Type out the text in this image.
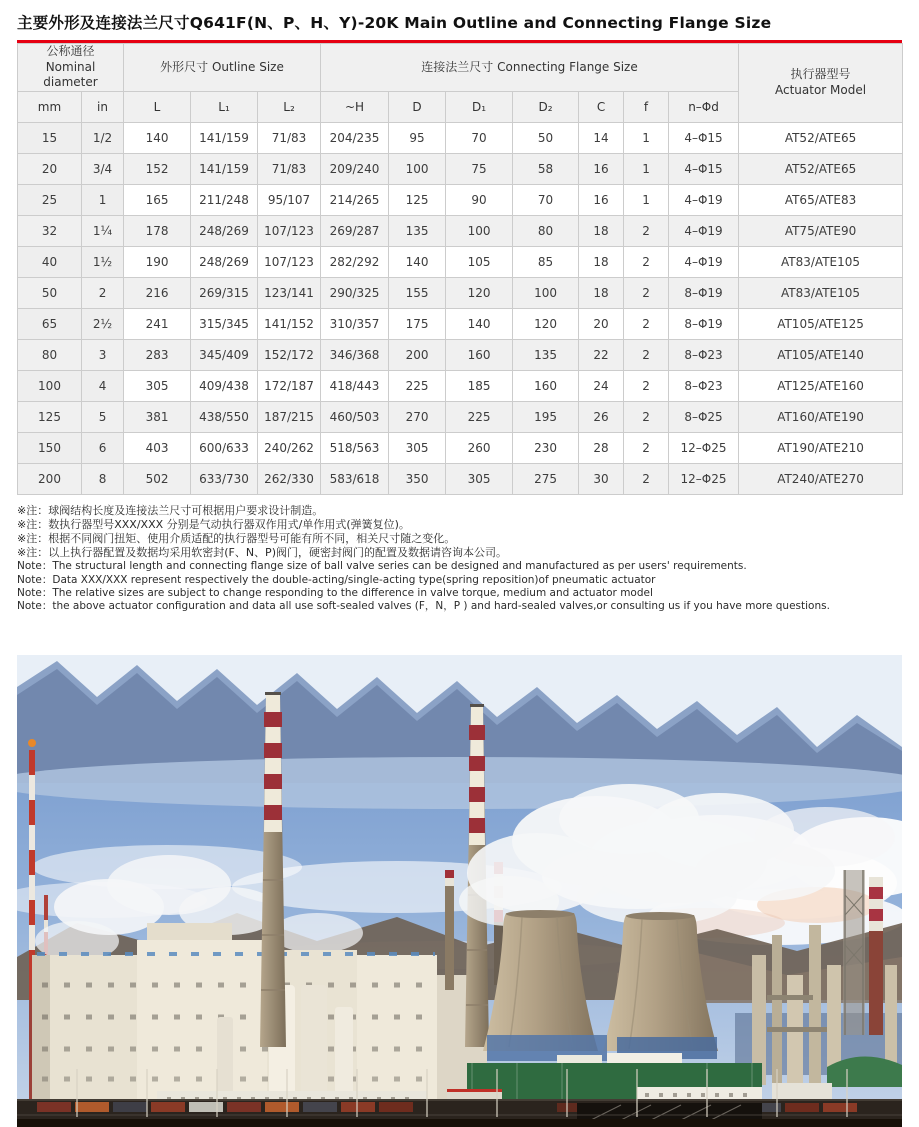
主要外形及连接法兰尺寸Q641F(N、P、H、Y)-20K Main Outline and Connecting Flange Size
公称通径
Nominal diameter		外形尺寸 Outline Size			连接法兰尺寸 Connecting Flange Size							执行器型号
Actuator Model
mm	in	L	L₁	L₂	~H	D	D₁	D₂	C	f	n–Φd	
15	1/2	140	141/159	71/83	204/235	95	70	50	14	1	4–Φ15	AT52/ATE65
20	3/4	152	141/159	71/83	209/240	100	75	58	16	1	4–Φ15	AT52/ATE65
25	1	165	211/248	95/107	214/265	125	90	70	16	1	4–Φ19	AT65/ATE83
32	1¼	178	248/269	107/123	269/287	135	100	80	18	2	4–Φ19	AT75/ATE90
40	1½	190	248/269	107/123	282/292	140	105	85	18	2	4–Φ19	AT83/ATE105
50	2	216	269/315	123/141	290/325	155	120	100	18	2	8–Φ19	AT83/ATE105
65	2½	241	315/345	141/152	310/357	175	140	120	20	2	8–Φ19	AT105/ATE125
80	3	283	345/409	152/172	346/368	200	160	135	22	2	8–Φ23	AT105/ATE140
100	4	305	409/438	172/187	418/443	225	185	160	24	2	8–Φ23	AT125/ATE160
125	5	381	438/550	187/215	460/503	270	225	195	26	2	8–Φ25	AT160/ATE190
150	6	403	600/633	240/262	518/563	305	260	230	28	2	12–Φ25	AT190/ATE210
200	8	502	633/730	262/330	583/618	350	305	275	30	2	12–Φ25	AT240/ATE270
※注：球阀结构长度及连接法兰尺寸可根据用户要求设计制造。
※注：数执行器型号XXX/XXX 分别是气动执行器双作用式/单作用式(弹簧复位)。
※注：根据不同阀门扭矩、使用介质适配的执行器型号可能有所不同，相关尺寸随之变化。
※注：以上执行器配置及数据均采用软密封(F、N、P)阀门，硬密封阀门的配置及数据请咨询本公司。
Note：The structural length and connecting flange size of ball valve series can be designed and manufactured as per users' requirements.
Note：Data XXX/XXX represent respectively the double-acting/single-acting type(spring reposition)of pneumatic actuator
Note：The relative sizes are subject to change responding to the difference in valve torque, medium and actuator model
Note：the above actuator configuration and data all use soft-sealed valves (F，N，P ) and hard-sealed valves,or consulting us if you have more questions.
